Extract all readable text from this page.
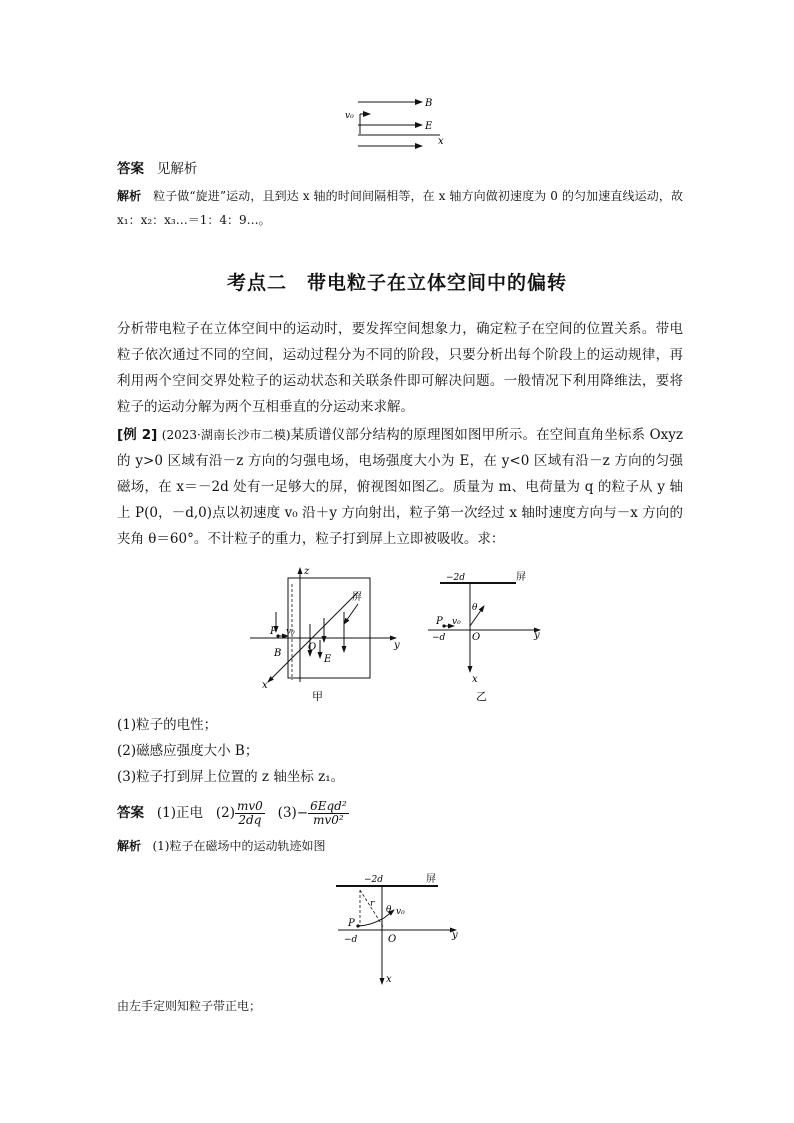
B
v₀
E
x
答案 见解析
解析 粒子做“旋进”运动，且到达 x 轴的时间间隔相等，在 x 轴方向做初速度为 0 的匀加速直线运动，故 x₁：x₂：x₃…＝1：4：9…。
考点二　带电粒子在立体空间中的偏转
分析带电粒子在立体空间中的运动时，要发挥空间想象力，确定粒子在空间的位置关系。带电粒子依次通过不同的空间，运动过程分为不同的阶段，只要分析出每个阶段上的运动规律，再利用两个空间交界处粒子的运动状态和关联条件即可解决问题。一般情况下利用降维法，要将粒子的运动分解为两个互相垂直的分运动来求解。
[例 2] (2023·湖南长沙市二模)某质谱仪部分结构的原理图如图甲所示。在空间直角坐标系 Oxyz 的 y>0 区域有沿－z 方向的匀强电场，电场强度大小为 E，在 y<0 区域有沿－z 方向的匀强磁场，在 x＝－2d 处有一足够大的屏，俯视图如图乙。质量为 m、电荷量为 q 的粒子从 y 轴上 P(0，－d,0)点以初速度 v₀ 沿＋y 方向射出，粒子第一次经过 x 轴时速度方向与－x 方向的夹角 θ＝60°。不计粒子的重力，粒子打到屏上立即被吸收。求：
z
屏
P v₀
B
O
E
y
x
甲
−2d	屏
θ
P v₀
−d	O	y
x
乙
(1)粒子的电性；
(2)磁感应强度大小 B；
(3)粒子打到屏上位置的 z 轴坐标 z₁。
答案 (1)正电 $(2) \frac{mv0}{2dq} (3)- \frac{\text{6Eqd²}}{\text{mv0²}}$
解析 (1)粒子在磁场中的运动轨迹如图
−2d	屏
r
θ v₀
P
−d	O	y
x
由左手定则知粒子带正电；
